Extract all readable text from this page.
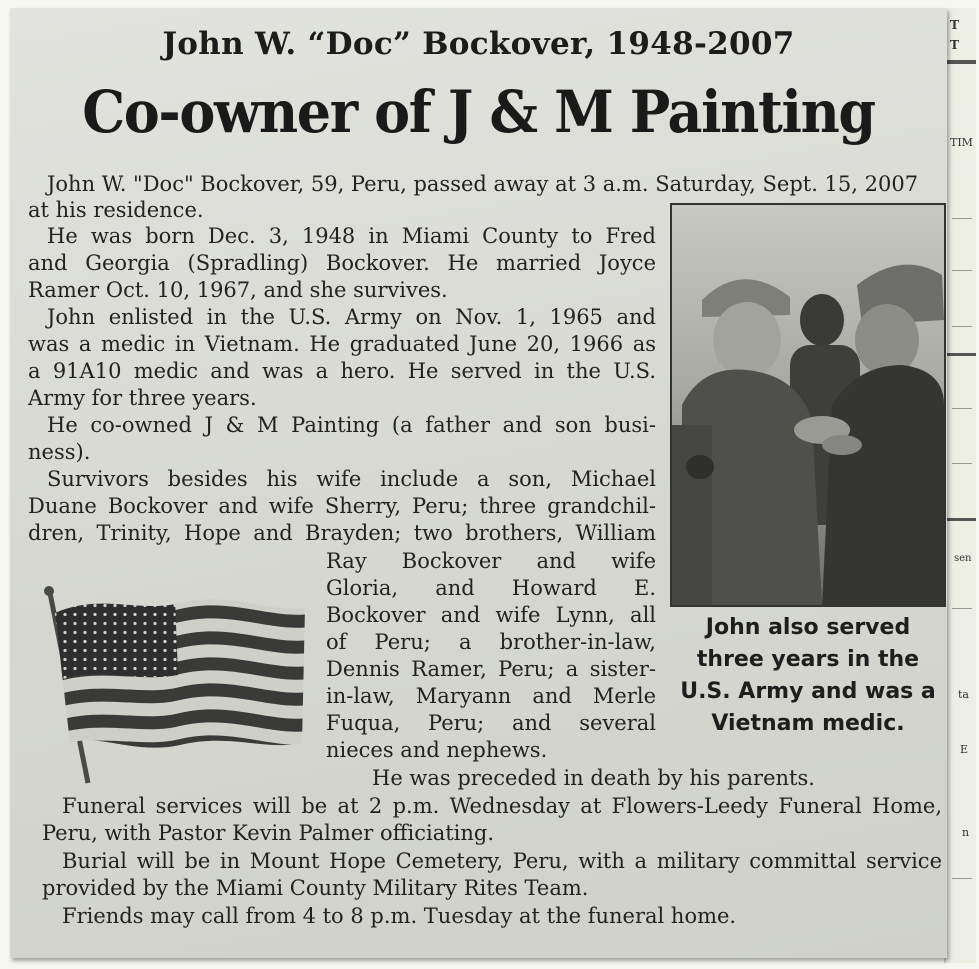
T
T
TIM
sen
ta
E
n
John W. “Doc” Bockover, 1948-2007
Co-owner of J & M Painting

John W. "Doc" Bockover, 59, Peru, passed away at 3 a.m. Saturday, Sept. 15, 2007

at his residence.

He was born Dec. 3, 1948 in Miami County to Fred

and Georgia (Spradling) Bockover. He married Joyce

Ramer Oct. 10, 1967, and she survives.

John enlisted in the U.S. Army on Nov. 1, 1965 and

was a medic in Vietnam. He graduated June 20, 1966 as

a 91A10 medic and was a hero. He served in the U.S.

Army for three years.

He co-owned J & M Painting (a father and son busi-

ness).

Survivors besides his wife include a son, Michael

Duane Bockover and wife Sherry, Peru; three grandchil-

dren, Trinity, Hope and Brayden; two brothers, William

Ray Bockover and wife

Gloria, and Howard E.

Bockover and wife Lynn, all

of Peru; a brother-in-law,

Dennis Ramer, Peru; a sister-

in-law, Maryann and Merle

Fuqua, Peru; and several

nieces and nephews.

He was preceded in death by his parents.

Funeral services will be at 2 p.m. Wednesday at Flowers-Leedy Funeral Home,

Peru, with Pastor Kevin Palmer officiating.

Burial will be in Mount Hope Cemetery, Peru, with a military committal service

provided by the Miami County Military Rites Team.

Friends may call from 4 to 8 p.m. Tuesday at the funeral home.

John also served three years in the U.S. Army and was a Vietnam medic.
